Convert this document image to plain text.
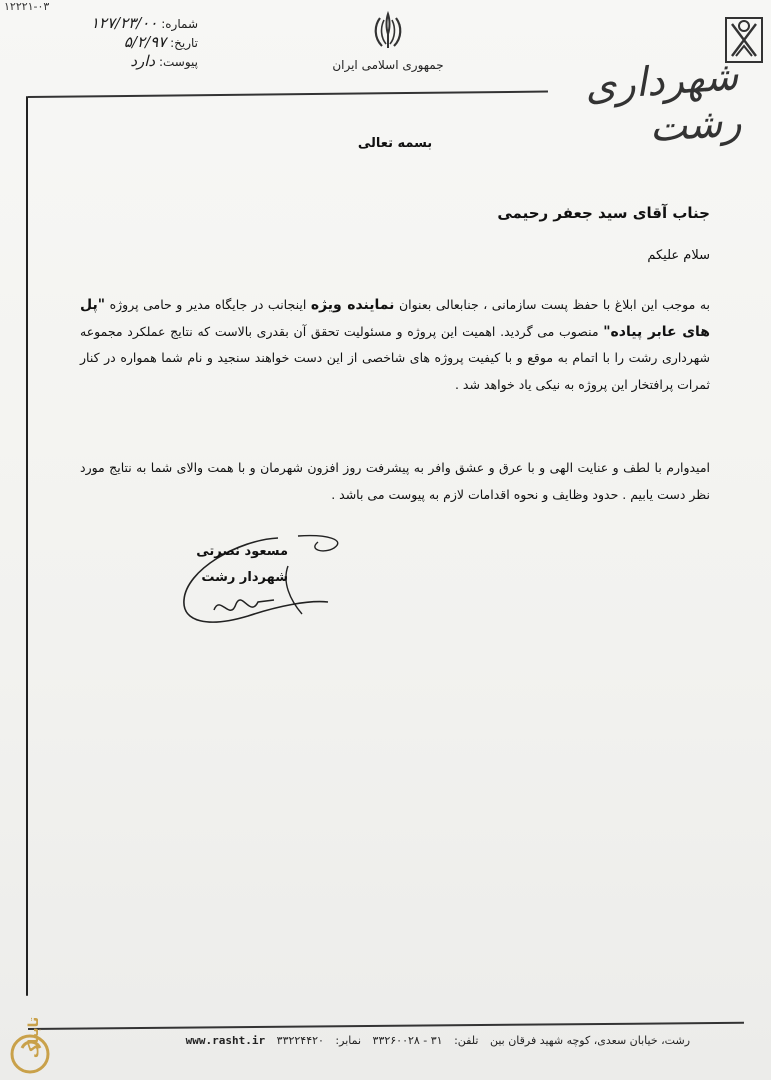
۱۲۲۲۱-۰۳
شماره: ۱۲۷/۲۳/۰۰
تاریخ: ۵/۲/۹۷
پیوست: دارد	جمهوری اسلامی ایران	شهرداری رشت
بسمه تعالی
جناب آقای سید جعفر رحیمی
سلام علیکم
به موجب این ابلاغ با حفظ پست سازمانی ، جنابعالی بعنوان نماینده ویژه اینجانب در جایگاه مدیر و حامی پروژه "پل های عابر پیاده" منصوب می گردید. اهمیت این پروژه و مسئولیت تحقق آن بقدری بالاست که نتایج عملکرد مجموعه شهرداری رشت را با اتمام به موقع و با کیفیت پروژه های شاخصی از این دست خواهند سنجید و نام شما همواره در کنار ثمرات پرافتخار این پروژه به نیکی یاد خواهد شد .
امیدوارم با لطف و عنایت الهی و با عرق و عشق وافر به پیشرفت روز افزون شهرمان و با همت والای شما به نتایج مورد نظر دست یابیم . حدود وظایف و نحوه اقدامات لازم به پیوست می باشد .
مسعود نصرتی
شهردار رشت
رشت، خیابان سعدی، کوچه شهید فرقان بین تلفن: ۳۱ - ۳۳۲۶۰۰۲۸ نمابر: ۳۳۲۲۴۴۲۰ www.rasht.ir
تابناک
